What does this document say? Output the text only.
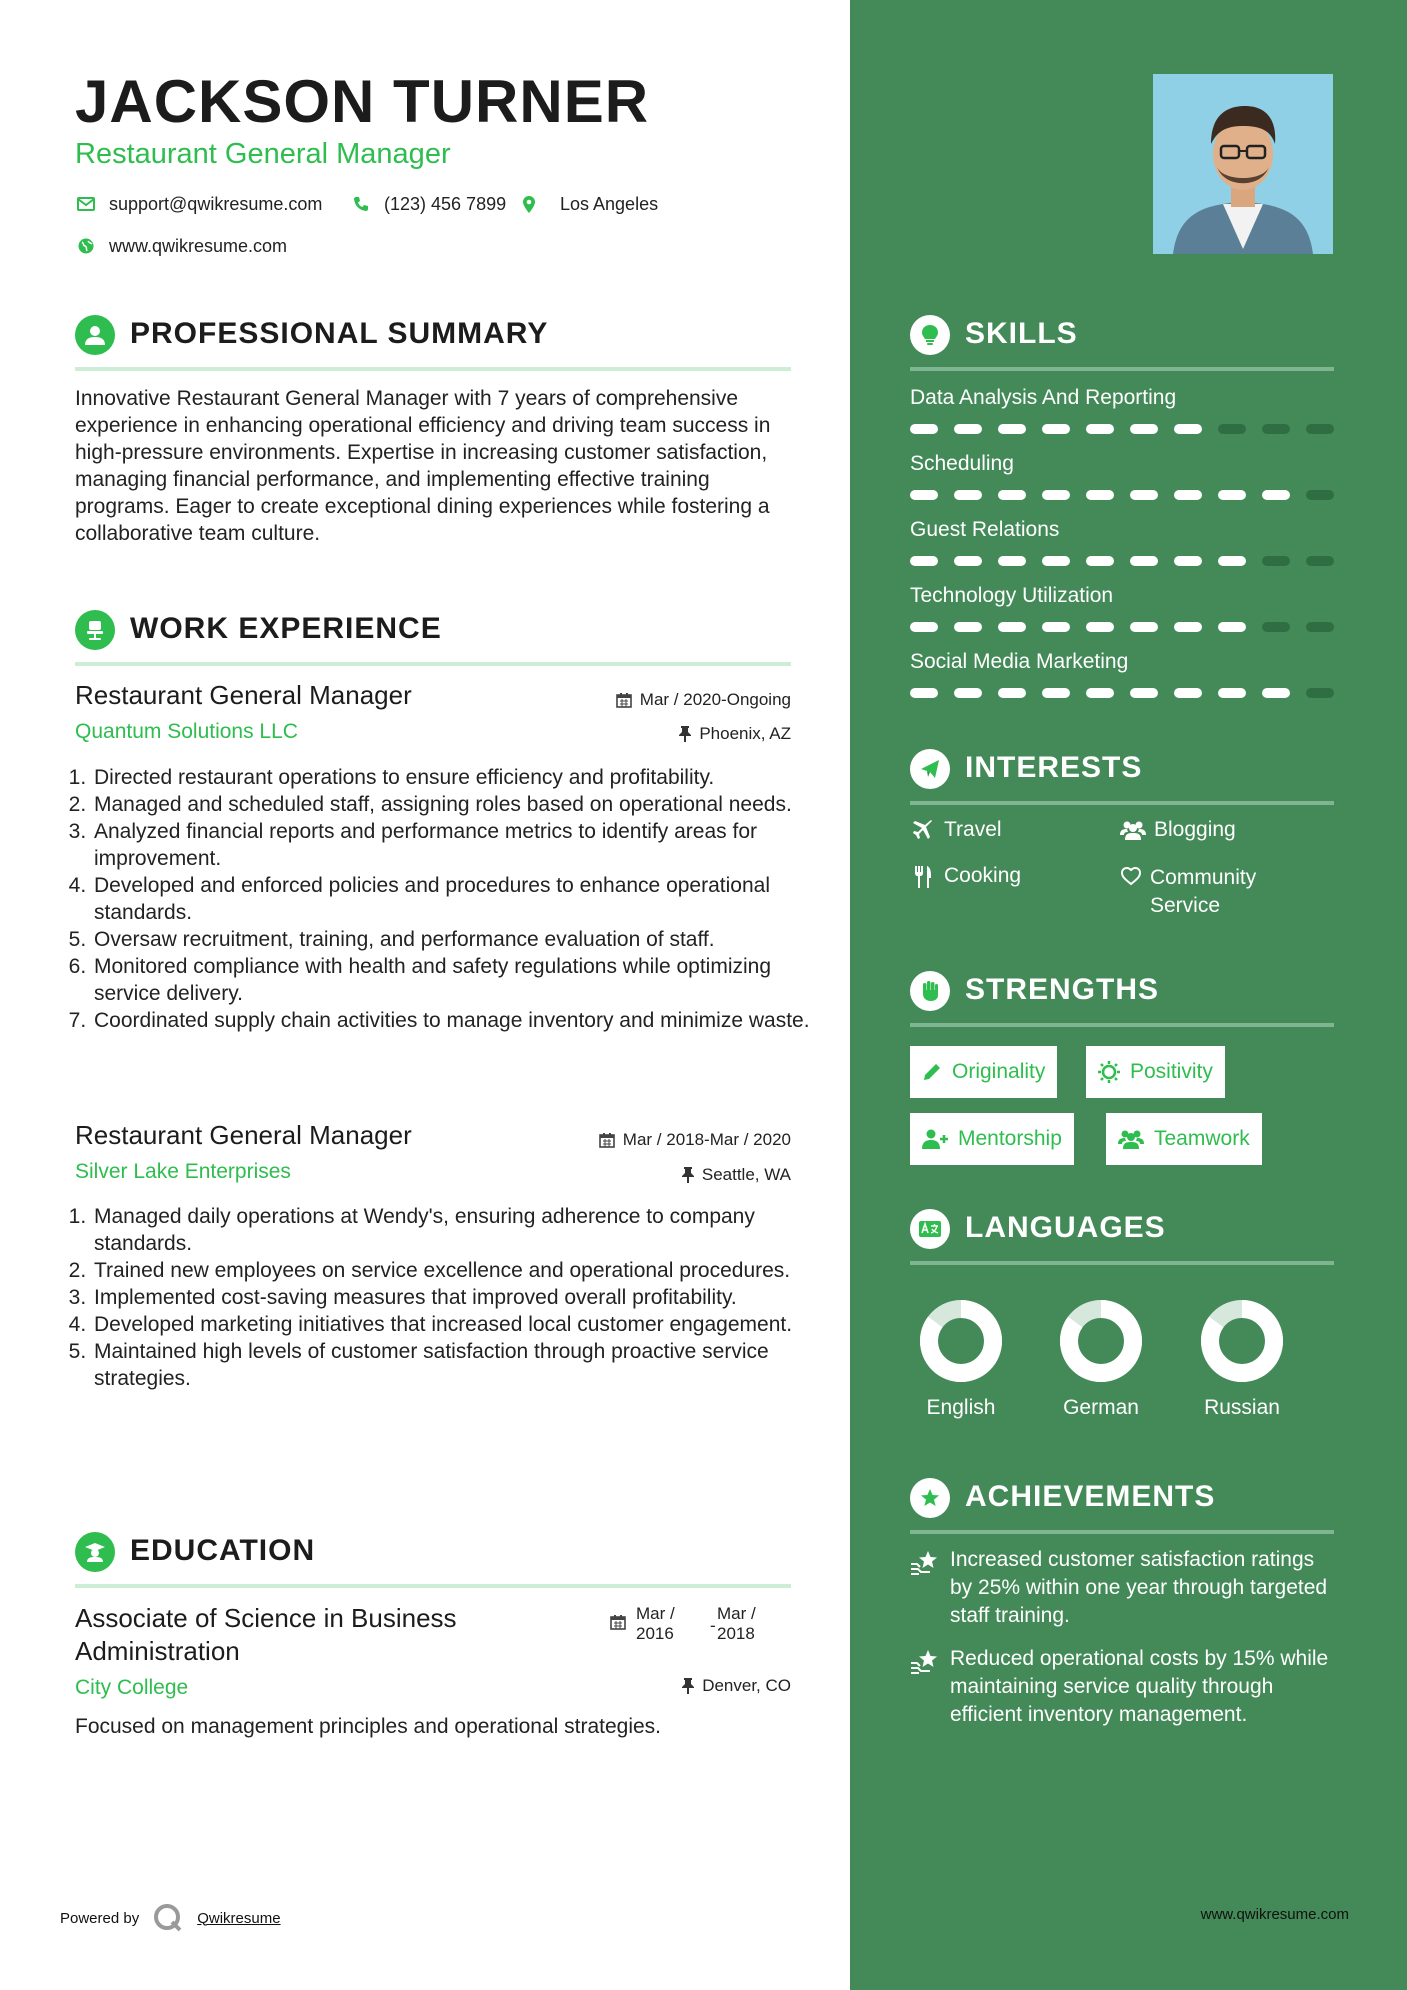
JACKSON TURNER
Restaurant General Manager
support@qwikresume.com	(123) 456 7899	Los Angeles
www.qwikresume.com
PROFESSIONAL SUMMARY
Innovative Restaurant General Manager with 7 years of comprehensive experience in enhancing operational efficiency and driving team success in high-pressure environments. Expertise in increasing customer satisfaction, managing financial performance, and implementing effective training programs. Eager to create exceptional dining experiences while fostering a collaborative team culture.
WORK EXPERIENCE
Restaurant General Manager
Quantum Solutions LLC
Mar / 2020-Ongoing
Phoenix, AZ
1. Directed restaurant operations to ensure efficiency and profitability.
2. Managed and scheduled staff, assigning roles based on operational needs.
3. Analyzed financial reports and performance metrics to identify areas for improvement.
4. Developed and enforced policies and procedures to enhance operational standards.
5. Oversaw recruitment, training, and performance evaluation of staff.
6. Monitored compliance with health and safety regulations while optimizing service delivery.
7. Coordinated supply chain activities to manage inventory and minimize waste.
Restaurant General Manager
Silver Lake Enterprises
Mar / 2018-Mar / 2020
Seattle, WA
1. Managed daily operations at Wendy's, ensuring adherence to company standards.
2. Trained new employees on service excellence and operational procedures.
3. Implemented cost-saving measures that improved overall profitability.
4. Developed marketing initiatives that increased local customer engagement.
5. Maintained high levels of customer satisfaction through proactive service strategies.
EDUCATION
Associate of Science in Business Administration
Mar /
2016 -
Mar /
2018
City College	Denver, CO
Focused on management principles and operational strategies.
Powered by	Qwikresume
SKILLS
Data Analysis And Reporting
Scheduling
Guest Relations
Technology Utilization
Social Media Marketing
INTERESTS
Travel	Blogging
Cooking	Community Service
STRENGTHS
Originality	Positivity
Mentorship	Teamwork
LANGUAGES
English	German	Russian
ACHIEVEMENTS
Increased customer satisfaction ratings by 25% within one year through targeted staff training.
Reduced operational costs by 15% while maintaining service quality through efficient inventory management.
www.qwikresume.com
